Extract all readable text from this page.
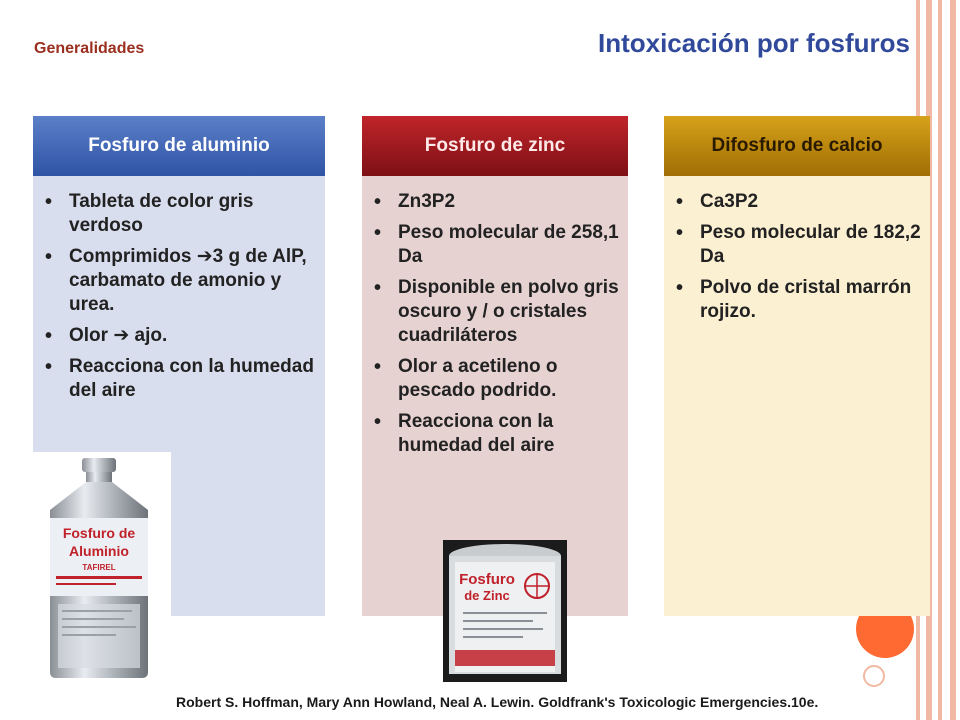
Generalidades	Intoxicación por fosfuros
Fosfuro de aluminio
• Tableta de color gris verdoso
• Comprimidos ➔3 g de AlP, carbamato de amonio y urea.
• Olor ➔ ajo.
• Reacciona con la humedad del aire
Fosfuro de zinc
• Zn3P2
• Peso molecular de 258,1 Da
• Disponible en polvo gris oscuro y / o cristales cuadriláteros
• Olor a acetileno o pescado podrido.
• Reacciona con la humedad del aire
Difosfuro de calcio
• Ca3P2
• Peso molecular de 182,2 Da
• Polvo de cristal marrón rojizo.
Fosfuro de
Aluminio
TAFIREL
Fosfuro
de Zinc
Robert S. Hoffman, Mary Ann Howland, Neal A. Lewin. Goldfrank's Toxicologic Emergencies.10e.
